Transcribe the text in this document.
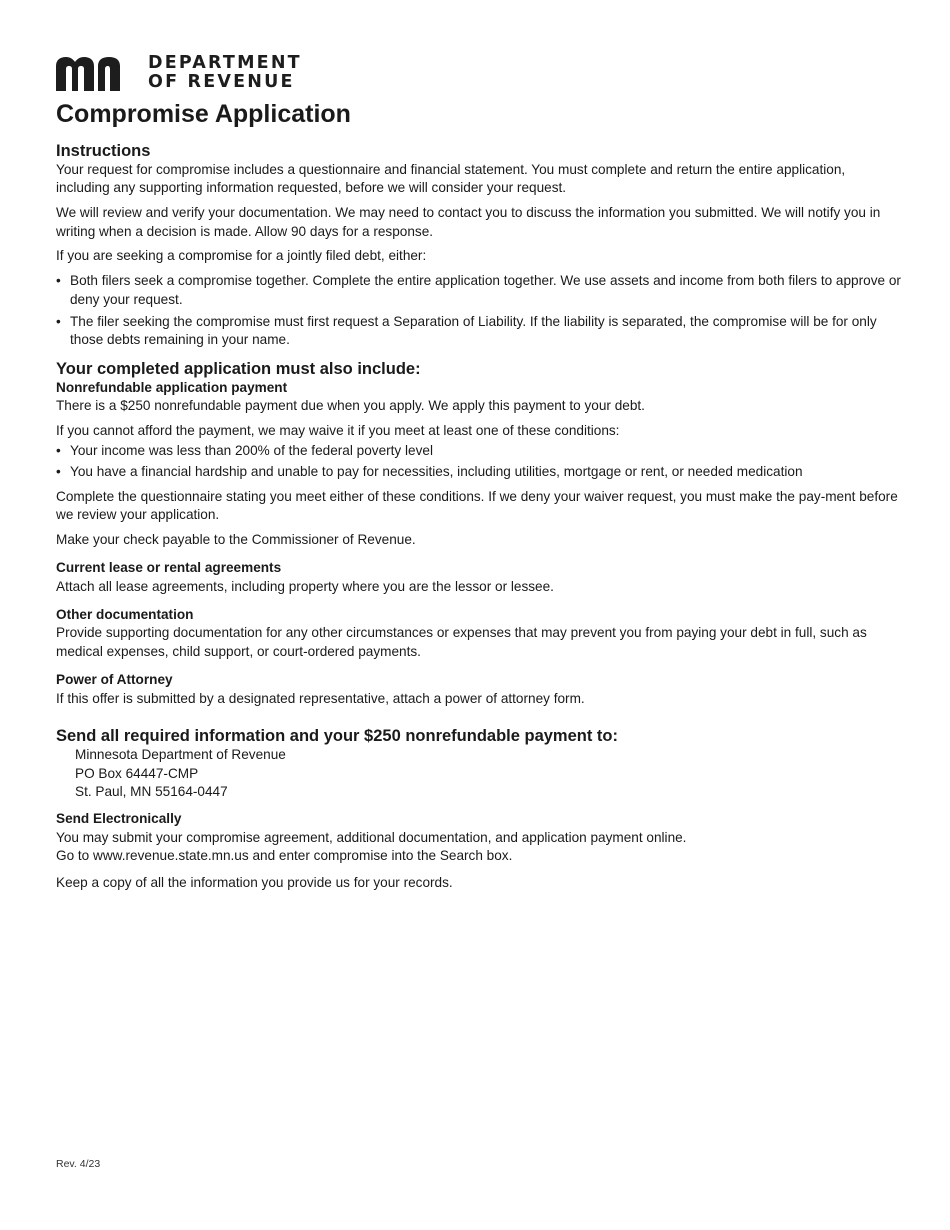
DEPARTMENT
OF REVENUE
Compromise Application
Instructions

Your request for compromise includes a questionnaire and financial statement. You must complete and return the entire application, including any supporting information requested, before we will consider your request.

We will review and verify your documentation. We may need to contact you to discuss the information you submitted. We will notify you in writing when a decision is made. Allow 90 days for a response.

If you are seeking a compromise for a jointly filed debt, either:

• Both filers seek a compromise together. Complete the entire application together. We use assets and income from both filers to approve or deny your request.
• The filer seeking the compromise must first request a Separation of Liability. If the liability is separated, the compromise will be for only those debts remaining in your name.
Your completed application must also include:
Nonrefundable application payment

There is a $250 nonrefundable payment due when you apply. We apply this payment to your debt.

If you cannot afford the payment, we may waive it if you meet at least one of these conditions:

• Your income was less than 200% of the federal poverty level
• You have a financial hardship and unable to pay for necessities, including utilities, mortgage or rent, or needed medication

Complete the questionnaire stating you meet either of these conditions. If we deny your waiver request, you must make the pay-ment before we review your application.

Make your check payable to the Commissioner of Revenue.

Current lease or rental agreements

Attach all lease agreements, including property where you are the lessor or lessee.

Other documentation

Provide supporting documentation for any other circumstances or expenses that may prevent you from paying your debt in full, such as medical expenses, child support, or court-ordered payments.

Power of Attorney

If this offer is submitted by a designated representative, attach a power of attorney form.

Send all required information and your $250 nonrefundable payment to:
Minnesota Department of Revenue
PO Box 64447-CMP
St. Paul, MN 55164-0447
Send Electronically

You may submit your compromise agreement, additional documentation, and application payment online.

Go to www.revenue.state.mn.us and enter compromise into the Search box.

Keep a copy of all the information you provide us for your records.

Rev. 4/23
